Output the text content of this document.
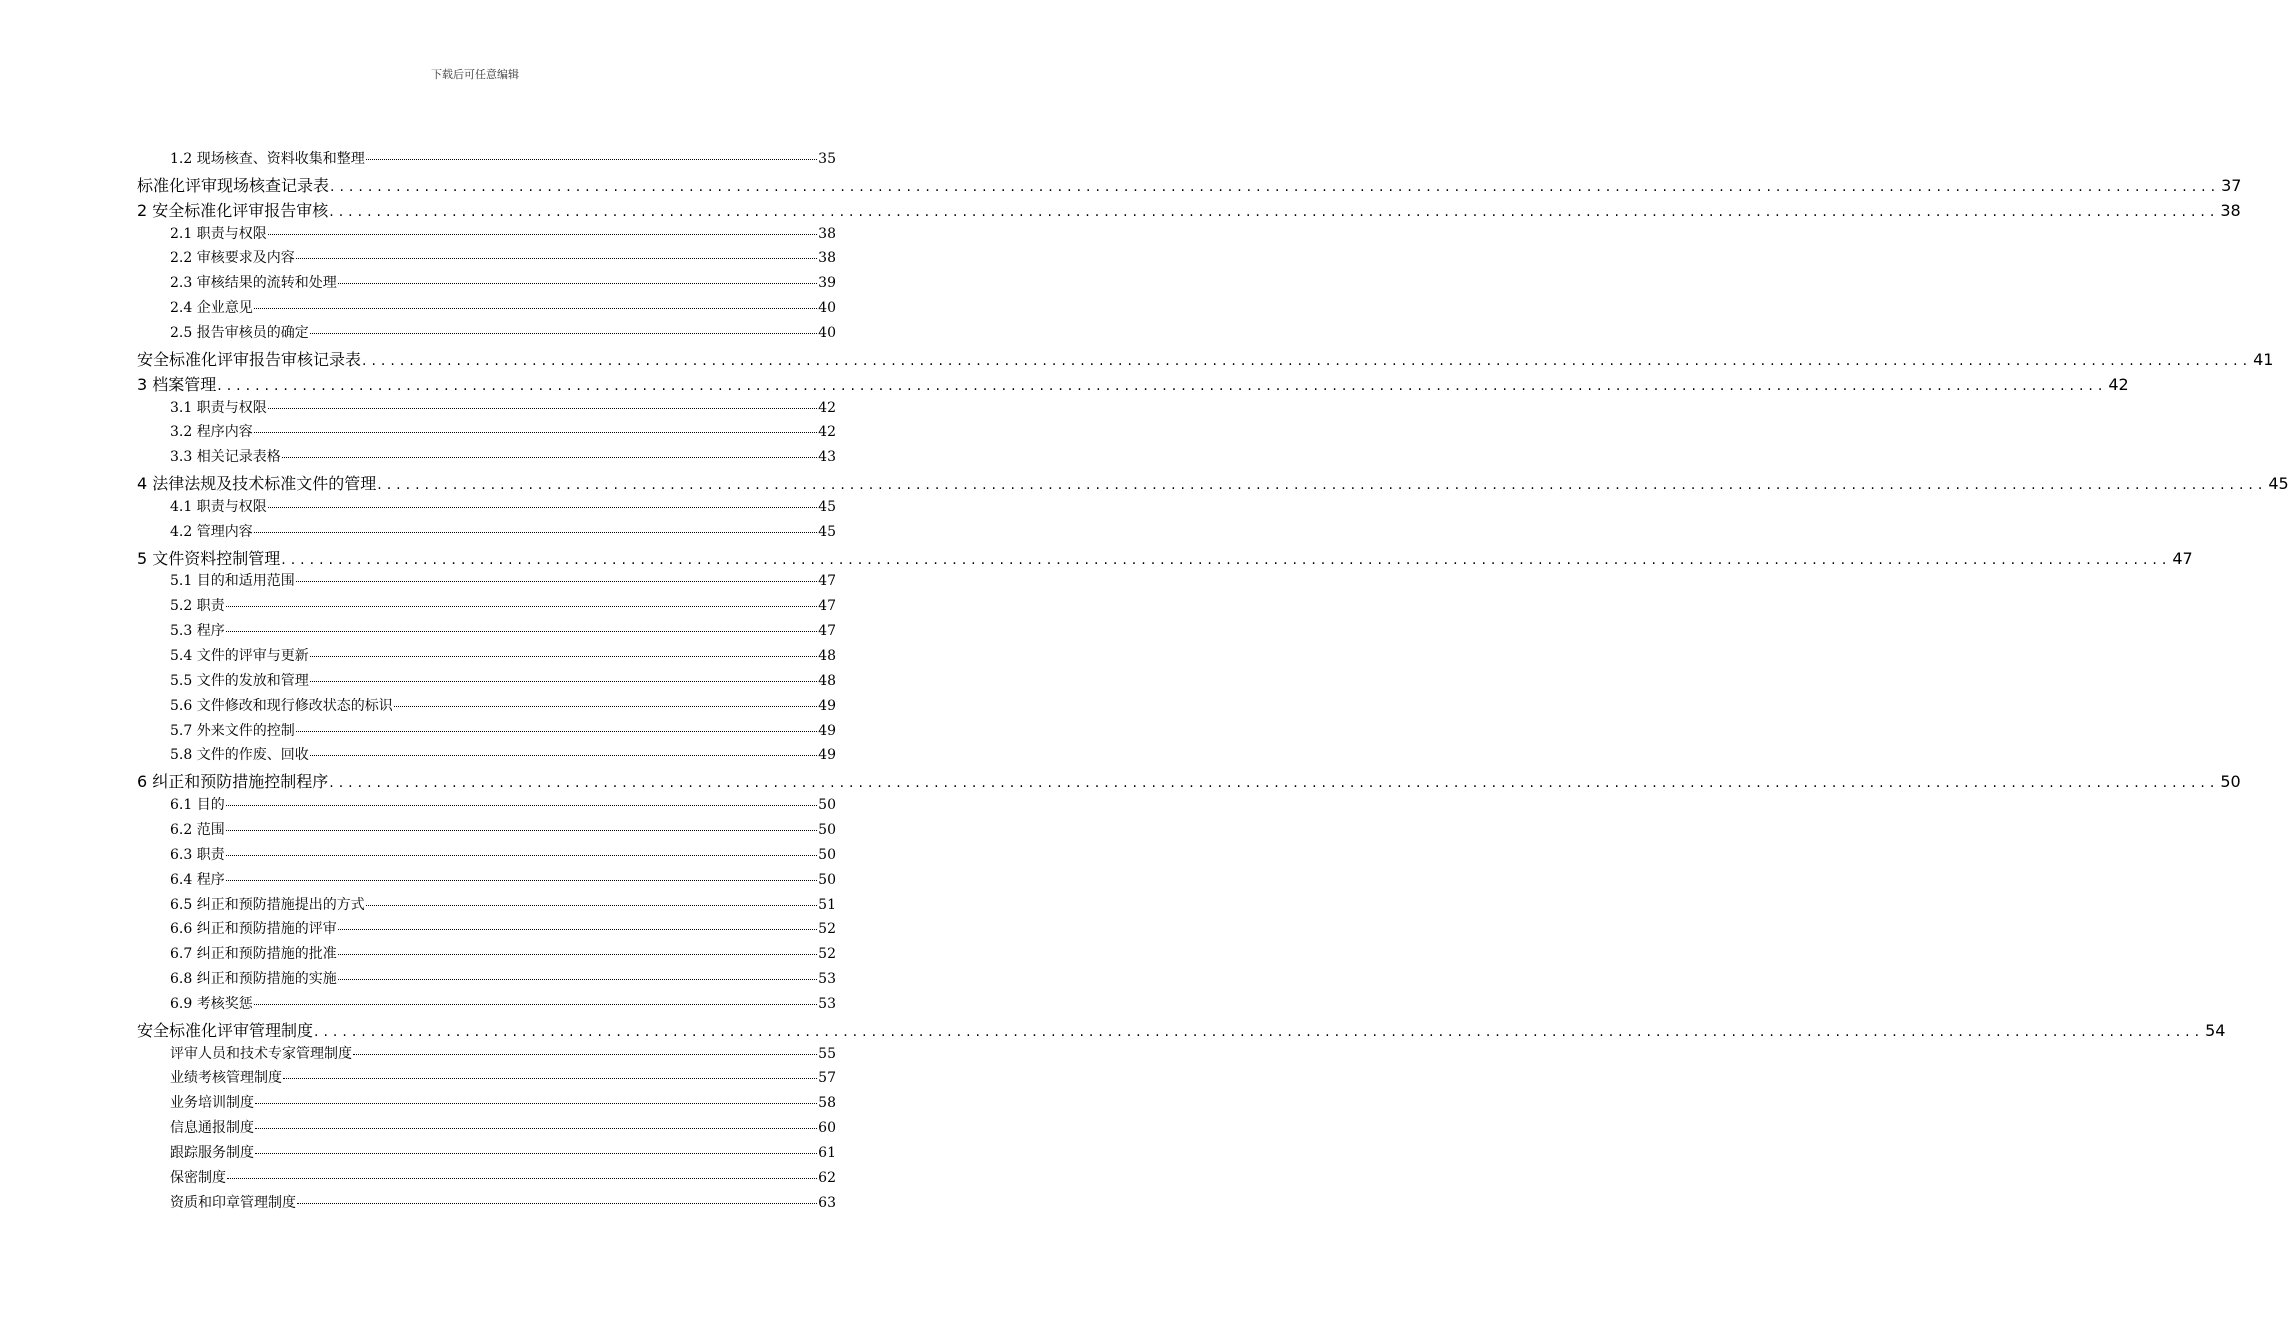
下载后可任意编辑
1.2 现场核查、资料收集和整理	35
标准化评审现场核查记录表 ........................................................................................................................................................................................................ 37
2 安全标准化评审报告审核 ........................................................................................................................................................................................................ 38
2.1 职责与权限	38
2.2 审核要求及内容	38
2.3 审核结果的流转和处理	39
2.4 企业意见	40
2.5 报告审核员的确定	40
安全标准化评审报告审核记录表 ........................................................................................................................................................................................................ 41
3 档案管理 ........................................................................................................................................................................................................ 42
3.1 职责与权限	42
3.2 程序内容	42
3.3 相关记录表格	43
4 法律法规及技术标准文件的管理 ........................................................................................................................................................................................................ 45
4.1 职责与权限	45
4.2 管理内容	45
5 文件资料控制管理 ........................................................................................................................................................................................................ 47
5.1 目的和适用范围	47
5.2 职责	47
5.3 程序	47
5.4 文件的评审与更新	48
5.5 文件的发放和管理	48
5.6 文件修改和现行修改状态的标识	49
5.7 外来文件的控制	49
5.8 文件的作废、回收	49
6 纠正和预防措施控制程序 ........................................................................................................................................................................................................ 50
6.1 目的	50
6.2 范围	50
6.3 职责	50
6.4 程序	50
6.5 纠正和预防措施提出的方式	51
6.6 纠正和预防措施的评审	52
6.7 纠正和预防措施的批准	52
6.8 纠正和预防措施的实施	53
6.9 考核奖惩	53
安全标准化评审管理制度 ........................................................................................................................................................................................................ 54
评审人员和技术专家管理制度	55
业绩考核管理制度	57
业务培训制度	58
信息通报制度	60
跟踪服务制度	61
保密制度	62
资质和印章管理制度	63
